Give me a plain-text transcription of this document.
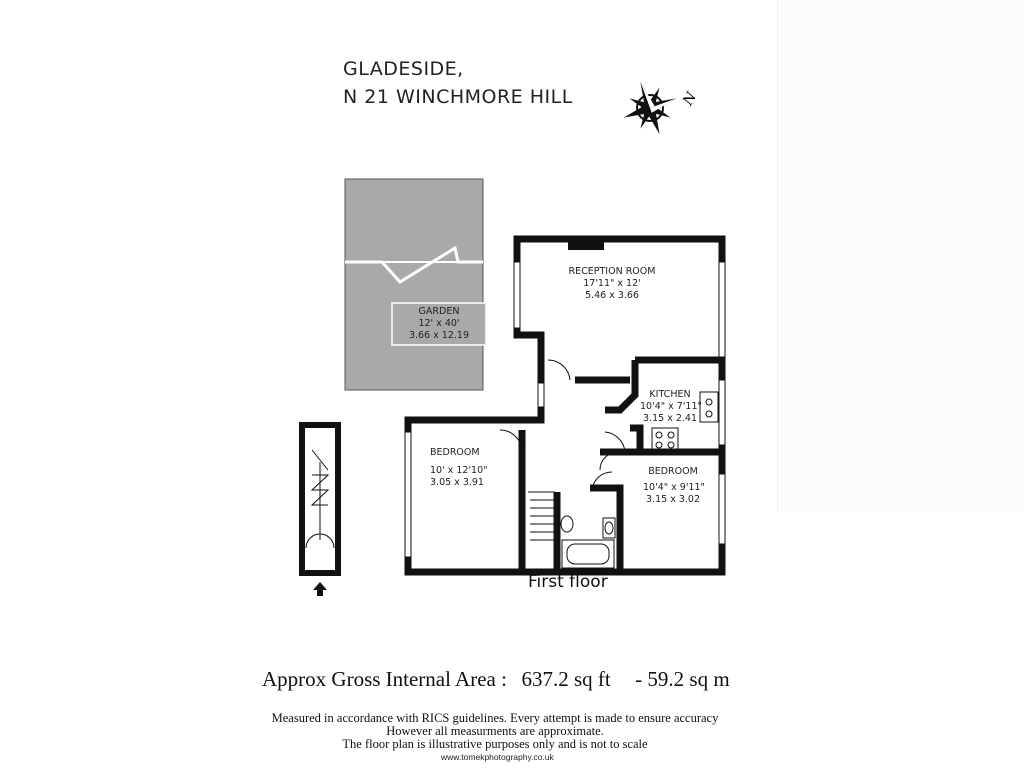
GLADESIDE,
N 21 WINCHMORE HILL	N
GARDEN
12' x 40'
3.66 x 12.19
RECEPTION ROOM
17'11" x 12'
5.46 x 3.66
KITCHEN
10'4" x 7'11"
3.15 x 2.41
BEDROOM
10' x 12'10"
3.05 x 3.91
BEDROOM
10'4" x 9'11"
3.15 x 3.02
First floor
Approx Gross Internal Area : 637.2 sq ft - 59.2 sq m
Measured in accordance with RICS guidelines. Every attempt is made to ensure accuracy
However all measurments are approximate.
The floor plan is illustrative purposes only and is not to scale
www.tomekphotography.co.uk
